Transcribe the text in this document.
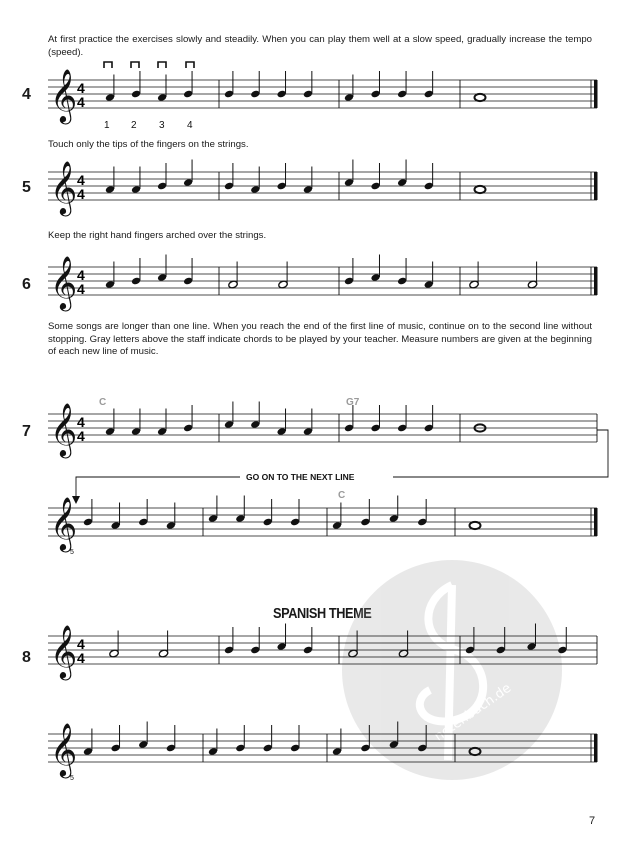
At first practice the exercises slowly and steadily. When you can play them well at a slow speed, gradually increase the tempo (speed).

Touch only the tips of the fingers on the strings.

Keep the right hand fingers arched over the strings.

Some songs are longer than one line. When you reach the end of the first line of music, continue on to the second line without stopping. Gray letters above the staff indicate chords to be played by your teacher. Measure numbers are given at the beginning of each new line of music.

4
5
6
7
8
SPANISH THEME
7
notenbuch.de
𝄞 4
4
1 2 3 4
𝄞 4
4
𝄞 4
4
𝄞 4
4
C	G7
GO ON TO THE NEXT LINE
𝄞
5
C
𝄞 4
4
𝄞
5
